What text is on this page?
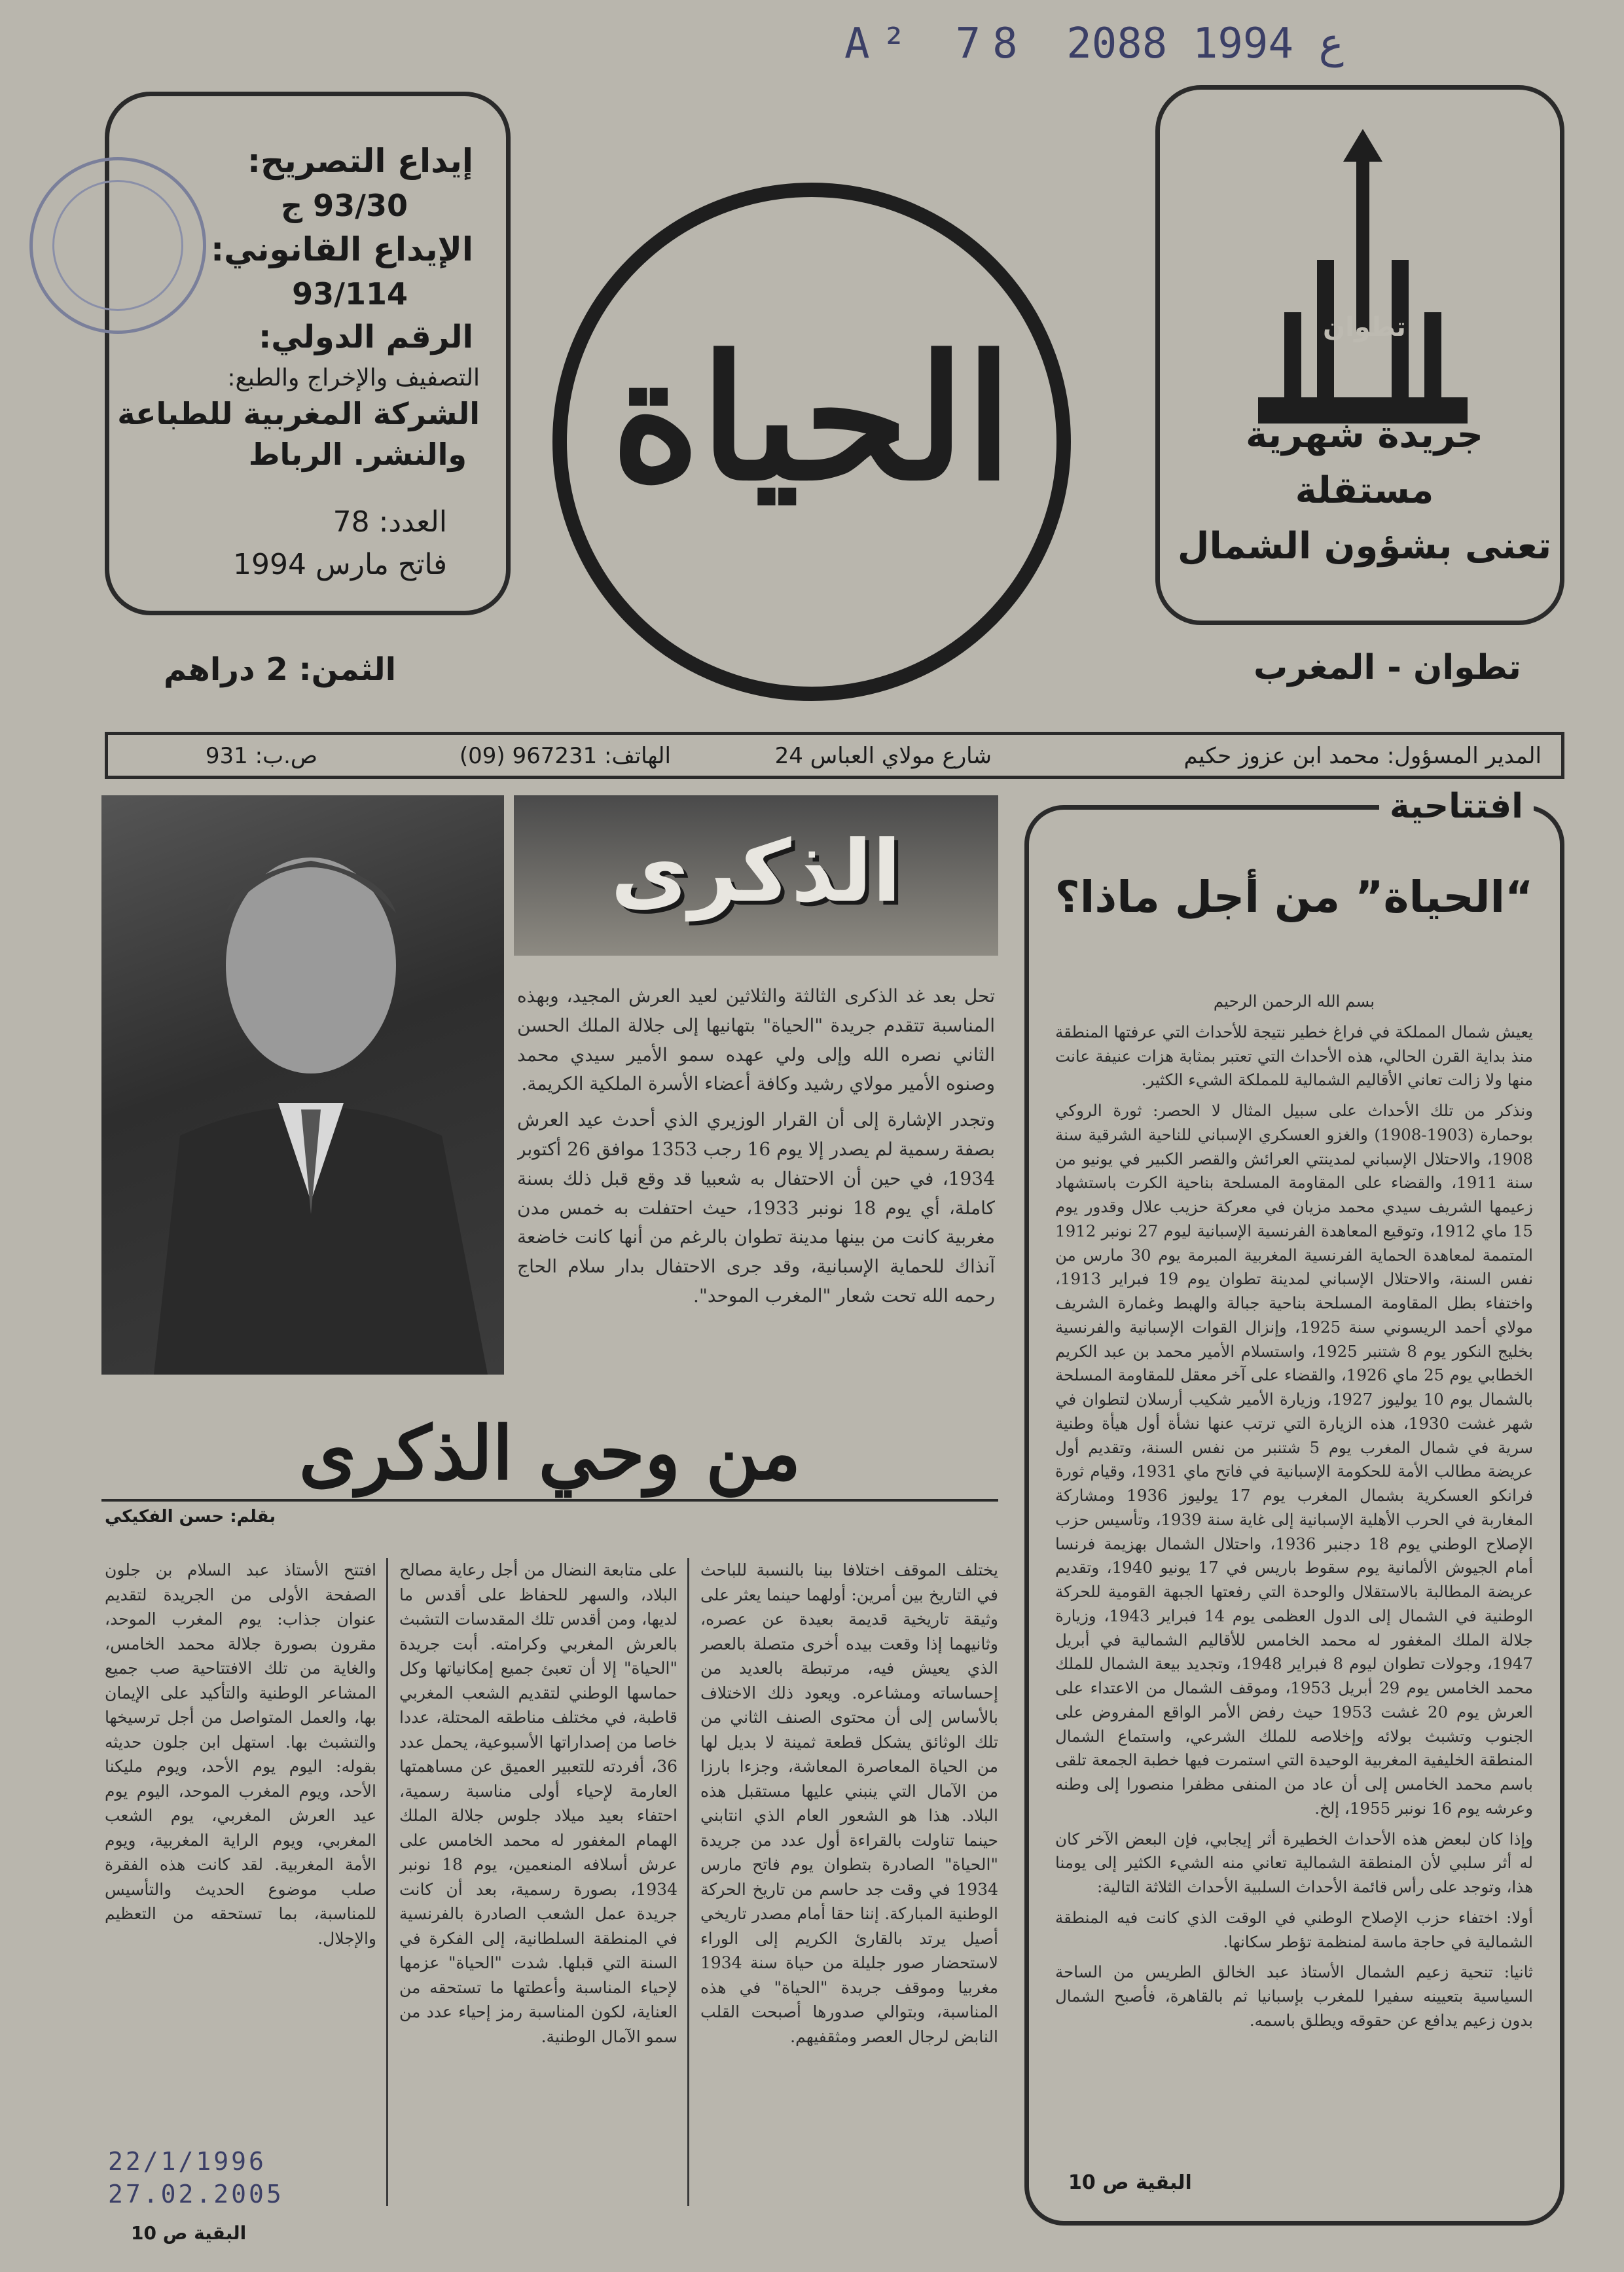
A² 78 ع 1994 2088
إيداع التصريح:
93/30 ج
الإيداع القانوني:
93/114
الرقم الدولي:
التصفيف والإخراج والطبع:
الشركة المغربية للطباعة
والنشر. الرباط
العدد: 78
فاتح مارس 1994
الثمن: 2 دراهم
الحياة	تطوان
جريدة شهرية
مستقلة
تعنى بشؤون الشمال
تطوان - المغرب
المدير المسؤول: محمد ابن عزوز حكيم
شارع مولاي العباس 24
الهاتف: 967231 (09)
ص.ب: 931
افتتاحية
“الحياة” من أجل ماذا؟

بسم الله الرحمن الرحيم

يعيش شمال المملكة في فراغ خطير نتيجة للأحداث التي عرفتها المنطقة منذ بداية القرن الحالي، هذه الأحداث التي تعتبر بمثابة هزات عنيفة عانت منها ولا زالت تعاني الأقاليم الشمالية للمملكة الشيء الكثير.

ونذكر من تلك الأحداث على سبيل المثال لا الحصر: ثورة الروكي بوحمارة (1903-1908) والغزو العسكري الإسباني للناحية الشرقية سنة 1908، والاحتلال الإسباني لمدينتي العرائش والقصر الكبير في يونيو من سنة 1911، والقضاء على المقاومة المسلحة بناحية الكرت باستشهاد زعيمها الشريف سيدي محمد مزيان في معركة حزيب علال وقدور يوم 15 ماي 1912، وتوقيع المعاهدة الفرنسية الإسبانية ليوم 27 نونبر 1912 المتممة لمعاهدة الحماية الفرنسية المغربية المبرمة يوم 30 مارس من نفس السنة، والاحتلال الإسباني لمدينة تطوان يوم 19 فبراير 1913، واختفاء بطل المقاومة المسلحة بناحية جبالة والهبط وغمارة الشريف مولاي أحمد الريسوني سنة 1925، وإنزال القوات الإسبانية والفرنسية بخليج النكور يوم 8 شتنبر 1925، واستسلام الأمير محمد بن عبد الكريم الخطابي يوم 25 ماي 1926، والقضاء على آخر معقل للمقاومة المسلحة بالشمال يوم 10 يوليوز 1927، وزيارة الأمير شكيب أرسلان لتطوان في شهر غشت 1930، هذه الزيارة التي ترتب عنها نشأة أول هيأة وطنية سرية في شمال المغرب يوم 5 شتنبر من نفس السنة، وتقديم أول عريضة مطالب الأمة للحكومة الإسبانية في فاتح ماي 1931، وقيام ثورة فرانكو العسكرية بشمال المغرب يوم 17 يوليوز 1936 ومشاركة المغاربة في الحرب الأهلية الإسبانية إلى غاية سنة 1939، وتأسيس حزب الإصلاح الوطني يوم 18 دجنبر 1936، واحتلال الشمال بهزيمة فرنسا أمام الجيوش الألمانية يوم سقوط باريس في 17 يونيو 1940، وتقديم عريضة المطالبة بالاستقلال والوحدة التي رفعتها الجبهة القومية للحركة الوطنية في الشمال إلى الدول العظمى يوم 14 فبراير 1943، وزيارة جلالة الملك المغفور له محمد الخامس للأقاليم الشمالية في أبريل 1947، وجولات تطوان ليوم 8 فبراير 1948، وتجديد بيعة الشمال للملك محمد الخامس يوم 29 أبريل 1953، وموقف الشمال من الاعتداء على العرش يوم 20 غشت 1953 حيث رفض الأمر الواقع المفروض على الجنوب وتشبث بولائه وإخلاصه للملك الشرعي، واستماع الشمال المنطقة الخليفية المغربية الوحيدة التي استمرت فيها خطبة الجمعة تلقى باسم محمد الخامس إلى أن عاد من المنفى مظفرا منصورا إلى وطنه وعرشه يوم 16 نونبر 1955، إلخ.

وإذا كان لبعض هذه الأحداث الخطيرة أثر إيجابي، فإن البعض الآخر كان له أثر سلبي لأن المنطقة الشمالية تعاني منه الشيء الكثير إلى يومنا هذا، وتوجد على رأس قائمة الأحداث السلبية الأحداث الثلاثة التالية:

أولا: اختفاء حزب الإصلاح الوطني في الوقت الذي كانت فيه المنطقة الشمالية في حاجة ماسة لمنظمة تؤطر سكانها.

ثانيا: تنحية زعيم الشمال الأستاذ عبد الخالق الطريس من الساحة السياسية بتعيينه سفيرا للمغرب بإسبانيا ثم بالقاهرة، فأصبح الشمال بدون زعيم يدافع عن حقوقه ويطلق باسمه.

البقية ص 10
الذكرى

تحل بعد غد الذكرى الثالثة والثلاثين لعيد العرش المجيد، وبهذه المناسبة تتقدم جريدة "الحياة" بتهانيها إلى جلالة الملك الحسن الثاني نصره الله وإلى ولي عهده سمو الأمير سيدي محمد وصنوه الأمير مولاي رشيد وكافة أعضاء الأسرة الملكية الكريمة.

وتجدر الإشارة إلى أن القرار الوزيري الذي أحدث عيد العرش بصفة رسمية لم يصدر إلا يوم 16 رجب 1353 موافق 26 أكتوبر 1934، في حين أن الاحتفال به شعبيا قد وقع قبل ذلك بسنة كاملة، أي يوم 18 نونبر 1933، حيث احتفلت به خمس مدن مغربية كانت من بينها مدينة تطوان بالرغم من أنها كانت خاضعة آنذاك للحماية الإسبانية، وقد جرى الاحتفال بدار سلام الحاج رحمه الله تحت شعار "المغرب الموحد".

من وحي الذكرى
بقلم: حسن الفكيكي

يختلف الموقف اختلافا بينا بالنسبة للباحث في التاريخ بين أمرين: أولهما حينما يعثر على وثيقة تاريخية قديمة بعيدة عن عصره، وثانيهما إذا وقعت بيده أخرى متصلة بالعصر الذي يعيش فيه، مرتبطة بالعديد من إحساساته ومشاعره. ويعود ذلك الاختلاف بالأساس إلى أن محتوى الصنف الثاني من تلك الوثائق يشكل قطعة ثمينة لا بديل لها من الحياة المعاصرة المعاشة، وجزءا بارزا من الآمال التي ينبني عليها مستقبل هذه البلاد. هذا هو الشعور العام الذي انتابني حينما تناولت بالقراءة أول عدد من جريدة "الحياة" الصادرة بتطوان يوم فاتح مارس 1934 في وقت جد حاسم من تاريخ الحركة الوطنية المباركة. إننا حقا أمام مصدر تاريخي أصيل يرتد بالقارئ الكريم إلى الوراء لاستحضار صور جليلة من حياة سنة 1934 مغربيا وموقف جريدة "الحياة" في هذه المناسبة، وبتوالي صدورها أصبحت القلب النابض لرجال العصر ومثقفيهم.

على متابعة النضال من أجل رعاية مصالح البلاد، والسهر للحفاظ على أقدس ما لديها، ومن أقدس تلك المقدسات التشبث بالعرش المغربي وكرامته. أبت جريدة "الحياة" إلا أن تعبئ جميع إمكانياتها وكل حماسها الوطني لتقديم الشعب المغربي قاطبة، في مختلف مناطقه المحتلة، عددا خاصا من إصداراتها الأسبوعية، يحمل عدد 36، أفردته للتعبير العميق عن مساهمتها العارمة لإحياء أولى مناسبة رسمية، احتفاء بعيد ميلاد جلوس جلالة الملك الهمام المغفور له محمد الخامس على عرش أسلافه المنعمين، يوم 18 نونبر 1934، بصورة رسمية، بعد أن كانت جريدة عمل الشعب الصادرة بالفرنسية في المنطقة السلطانية، إلى الفكرة في السنة التي قبلها. شدت "الحياة" عزمها لإحياء المناسبة وأعطتها ما تستحقه من العناية، لكون المناسبة رمز إحياء عدد من سمو الآمال الوطنية.

افتتح الأستاذ عبد السلام بن جلون الصفحة الأولى من الجريدة لتقديم عنوان جذاب: يوم المغرب الموحد، مقرون بصورة جلالة محمد الخامس، والغاية من تلك الافتتاحية صب جميع المشاعر الوطنية والتأكيد على الإيمان بها، والعمل المتواصل من أجل ترسيخها والتشبث بها. استهل ابن جلون حديثه بقوله: اليوم يوم الأحد، ويوم مليكنا الأحد، ويوم المغرب الموحد، اليوم يوم عيد العرش المغربي، يوم الشعب المغربي، ويوم الراية المغربية، ويوم الأمة المغربية. لقد كانت هذه الفقرة صلب موضوع الحديث والتأسيس للمناسبة، بما تستحقه من التعظيم والإجلال.

22/1/1996
27.02.2005
البقية ص 10
